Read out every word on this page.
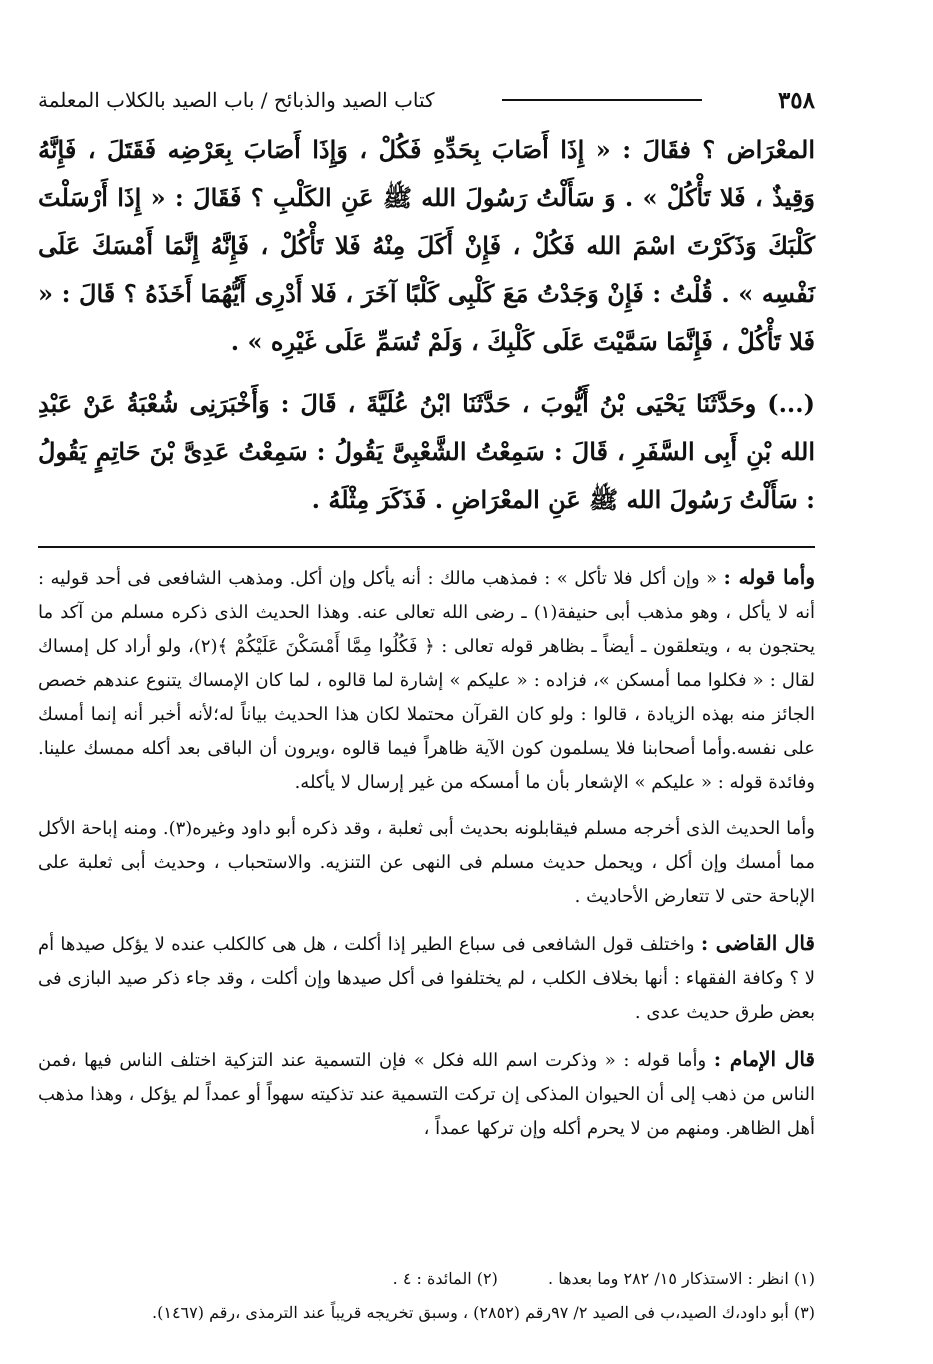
٣٥٨
كتاب الصيد والذبائح / باب الصيد بالكلاب المعلمة

المعْرَاض ؟ فقَالَ : « إِذَا أَصَابَ بِحَدِّهِ فَكُلْ ، وَإِذَا أَصَابَ بِعَرْضِه فَقَتَلَ ، فَإِنَّهُ وَقِيذٌ ، فَلا تَأْكُلْ » . وَ سَأَلْتُ رَسُولَ الله ﷺ عَنِ الكَلْبِ ؟ فَقَالَ : « إِذَا أَرْسَلْتَ كَلْبَكَ وَذَكَرْتَ اسْمَ الله فَكُلْ ، فَإِنْ أَكَلَ مِنْهُ فَلا تَأْكُلْ ، فَإِنَّهُ إِنَّمَا أَمْسَكَ عَلَى نَفْسِه » . قُلْتُ : فَإِنْ وَجَدْتُ مَعَ كَلْبِى كَلْبًا آخَرَ ، فَلا أَدْرِى أَيُّهُمَا أَخَذَهُ ؟ قَالَ : « فَلا تَأْكُلْ ، فَإِنَّمَا سَمَّيْتَ عَلَى كَلْبِكَ ، وَلَمْ تُسَمِّ عَلَى غَيْرِه » .

(...) وحَدَّثَنَا يَحْيَى بْنُ أَيُّوبَ ، حَدَّثَنَا ابْنُ عُلَيَّةَ ، قَالَ : وَأَخْبَرَنِى شُعْبَةُ عَنْ عَبْدِ الله بْنِ أَبِى السَّفَرِ ، قَالَ : سَمِعْتُ الشَّعْبِىَّ يَقُولُ : سَمِعْتُ عَدِىَّ بْنَ حَاتِمٍ يَقُولُ : سَأَلْتُ رَسُولَ الله ﷺ عَنِ المعْرَاضِ . فَذَكَرَ مِثْلَهُ .

وأما قوله : « وإن أكل فلا تأكل » : فمذهب مالك : أنه يأكل وإن أكل. ومذهب الشافعى فى أحد قوليه : أنه لا يأكل ، وهو مذهب أبى حنيفة(١) ـ رضى الله تعالى عنه. وهذا الحديث الذى ذكره مسلم من آكد ما يحتجون به ، ويتعلقون ـ أيضاً ـ بظاهر قوله تعالى : ﴿ فَكُلُوا مِمَّا أَمْسَكْنَ عَلَيْكُمْ ﴾(٢)، ولو أراد كل إمساك لقال : « فكلوا مما أمسكن »، فزاده : « عليكم » إشارة لما قالوه ، لما كان الإمساك يتنوع عندهم خصص الجائز منه بهذه الزيادة ، قالوا : ولو كان القرآن محتملا لكان هذا الحديث بياناً له؛لأنه أخبر أنه إنما أمسك على نفسه.وأما أصحابنا فلا يسلمون كون الآية ظاهراً فيما قالوه ،ويرون أن الباقى بعد أكله ممسك علينا. وفائدة قوله : « عليكم » الإشعار بأن ما أمسكه من غير إرسال لا يأكله.

وأما الحديث الذى أخرجه مسلم فيقابلونه بحديث أبى ثعلبة ، وقد ذكره أبو داود وغيره(٣). ومنه إباحة الأكل مما أمسك وإن أكل ، ويحمل حديث مسلم فى النهى عن التنزيه. والاستحباب ، وحديث أبى ثعلبة على الإباحة حتى لا تتعارض الأحاديث .

قال القاضى : واختلف قول الشافعى فى سباع الطير إذا أكلت ، هل هى كالكلب عنده لا يؤكل صيدها أم لا ؟ وكافة الفقهاء : أنها بخلاف الكلب ، لم يختلفوا فى أكل صيدها وإن أكلت ، وقد جاء ذكر صيد البازى فى بعض طرق حديث عدى .

قال الإمام : وأما قوله : « وذكرت اسم الله فكل » فإن التسمية عند التزكية اختلف الناس فيها ،فمن الناس من ذهب إلى أن الحيوان المذكى إن تركت التسمية عند تذكيته سهواً أو عمداً لم يؤكل ، وهذا مذهب أهل الظاهر. ومنهم من لا يحرم أكله وإن تركها عمداً ،

(١) انظر : الاستذكار ١٥/ ٢٨٢ وما بعدها .  (٢) المائدة : ٤ .

(٣) أبو داود،ك الصيد،ب فى الصيد ٢/ ٩٧رقم (٢٨٥٢) ، وسبق تخريجه قريباً عند الترمذى ،رقم (١٤٦٧).
